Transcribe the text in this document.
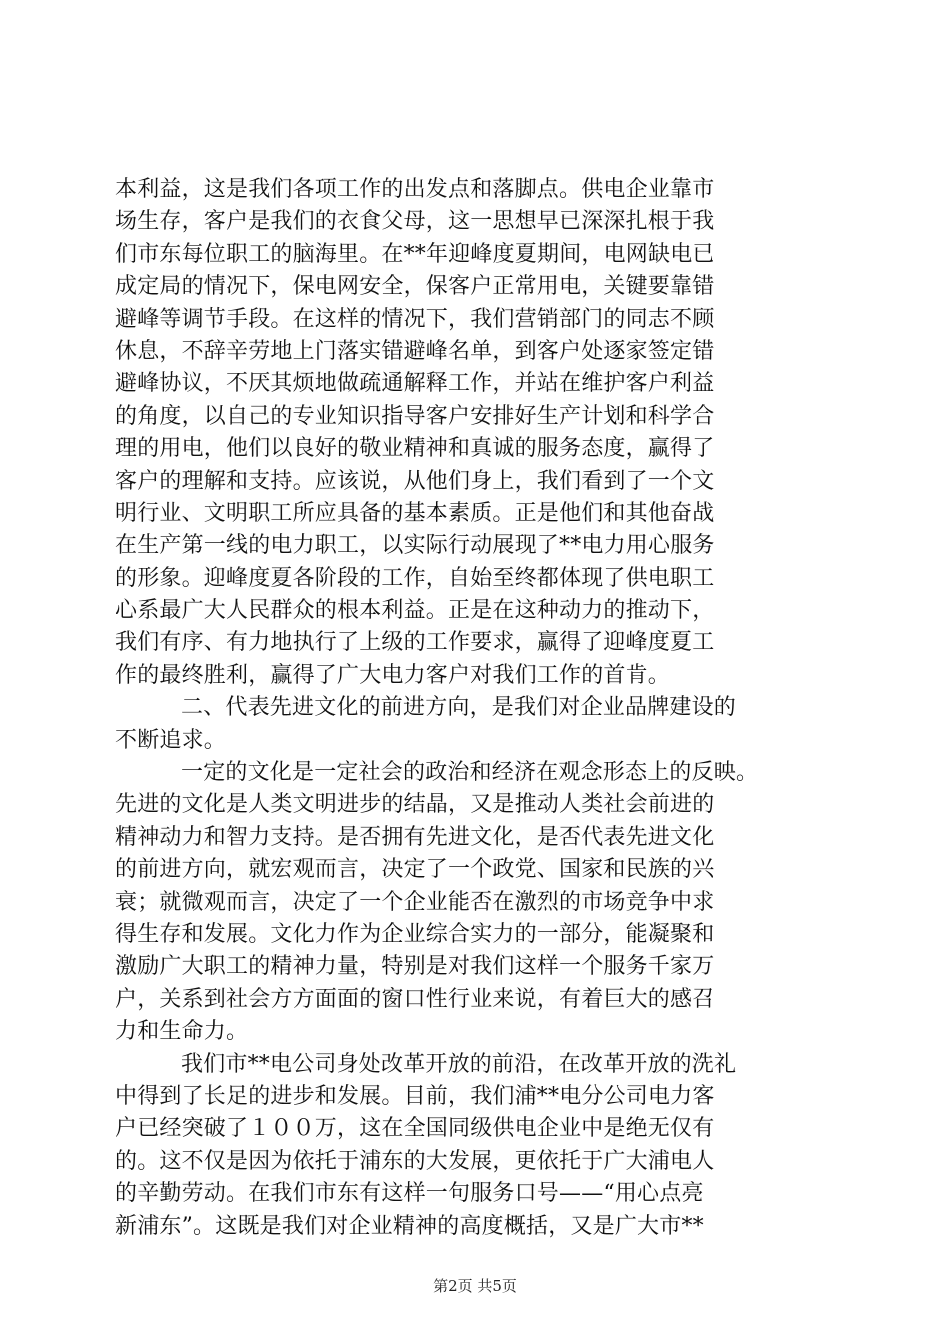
本利益，这是我们各项工作的出发点和落脚点。供电企业靠市
场生存，客户是我们的衣食父母，这一思想早已深深扎根于我
们市东每位职工的脑海里。在**年迎峰度夏期间，电网缺电已
成定局的情况下，保电网安全，保客户正常用电，关键要靠错
避峰等调节手段。在这样的情况下，我们营销部门的同志不顾
休息，不辞辛劳地上门落实错避峰名单，到客户处逐家签定错
避峰协议，不厌其烦地做疏通解释工作，并站在维护客户利益
的角度，以自己的专业知识指导客户安排好生产计划和科学合
理的用电，他们以良好的敬业精神和真诚的服务态度，赢得了
客户的理解和支持。应该说，从他们身上，我们看到了一个文
明行业、文明职工所应具备的基本素质。正是他们和其他奋战
在生产第一线的电力职工，以实际行动展现了**电力用心服务
的形象。迎峰度夏各阶段的工作，自始至终都体现了供电职工
心系最广大人民群众的根本利益。正是在这种动力的推动下，
我们有序、有力地执行了上级的工作要求，赢得了迎峰度夏工
作的最终胜利，赢得了广大电力客户对我们工作的首肯。
二、代表先进文化的前进方向，是我们对企业品牌建设的
不断追求。
一定的文化是一定社会的政治和经济在观念形态上的反映。
先进的文化是人类文明进步的结晶，又是推动人类社会前进的
精神动力和智力支持。是否拥有先进文化，是否代表先进文化
的前进方向，就宏观而言，决定了一个政党、国家和民族的兴
衰；就微观而言，决定了一个企业能否在激烈的市场竞争中求
得生存和发展。文化力作为企业综合实力的一部分，能凝聚和
激励广大职工的精神力量，特别是对我们这样一个服务千家万
户，关系到社会方方面面的窗口性行业来说，有着巨大的感召
力和生命力。
我们市**电公司身处改革开放的前沿，在改革开放的洗礼
中得到了长足的进步和发展。目前，我们浦**电分公司电力客
户已经突破了１００万，这在全国同级供电企业中是绝无仅有
的。这不仅是因为依托于浦东的大发展，更依托于广大浦电人
的辛勤劳动。在我们市东有这样一句服务口号——“用心点亮
新浦东”。这既是我们对企业精神的高度概括，又是广大市**
第2页 共5页
